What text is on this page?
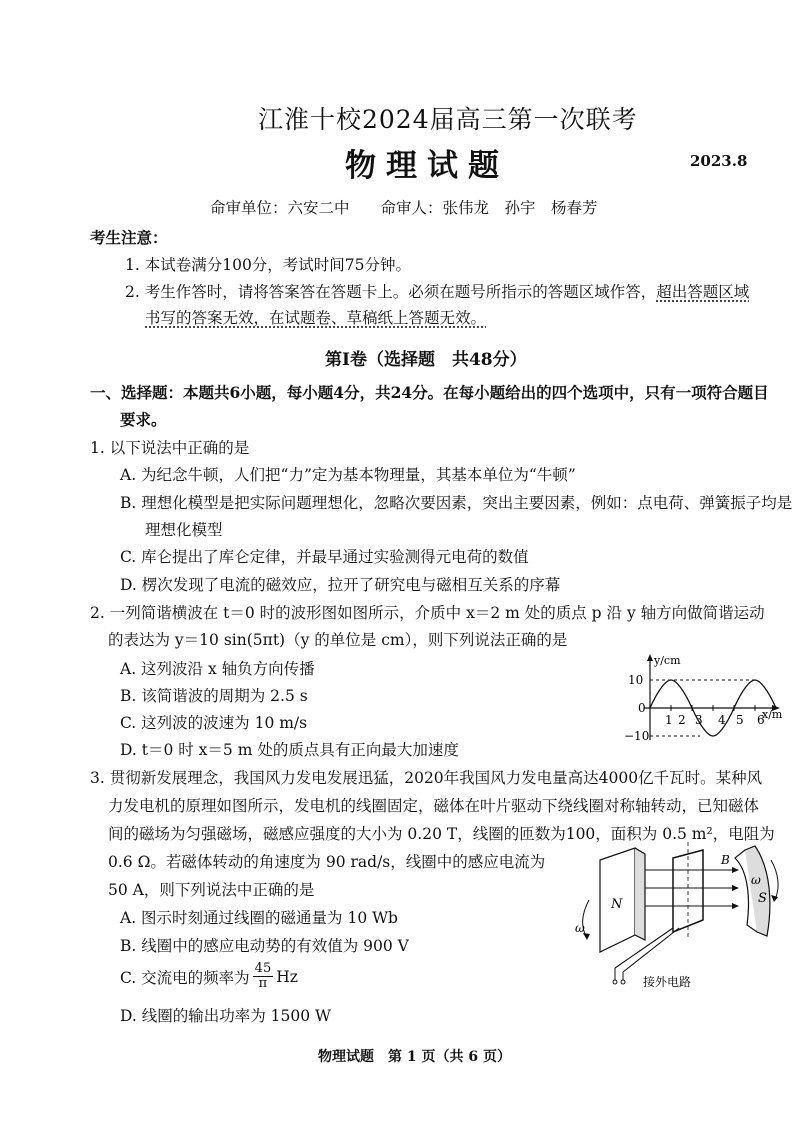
江淮十校2024届高三第一次联考
物理试题	2023.8
命审单位：六安二中　　命审人：张伟龙　孙宇　杨春芳
考生注意：
1. 本试卷满分100分，考试时间75分钟。
2. 考生作答时，请将答案答在答题卡上。必须在题号所指示的答题区域作答，超出答题区域
书写的答案无效，在试题卷、草稿纸上答题无效。
第Ⅰ卷（选择题　共48分）
一、选择题：本题共6小题，每小题4分，共24分。在每小题给出的四个选项中，只有一项符合题目
要求。
1. 以下说法中正确的是
A. 为纪念牛顿，人们把“力”定为基本物理量，其基本单位为“牛顿”
B. 理想化模型是把实际问题理想化，忽略次要因素，突出主要因素，例如：点电荷、弹簧振子均是
理想化模型
C. 库仑提出了库仑定律，并最早通过实验测得元电荷的数值
D. 楞次发现了电流的磁效应，拉开了研究电与磁相互关系的序幕
2. 一列简谐横波在 t＝0 时的波形图如图所示，介质中 x＝2 m 处的质点 p 沿 y 轴方向做简谐运动
的表达为 y＝10 sin(5πt)（y 的单位是 cm），则下列说法正确的是
A. 这列波沿 x 轴负方向传播
B. 该简谐波的周期为 2.5 s
C. 这列波的波速为 10 m/s
D. t＝0 时 x＝5 m 处的质点具有正向最大加速度
y/cm
10
−10
0
1 2 3 4 5 6
x/m
3. 贯彻新发展理念，我国风力发电发展迅猛，2020年我国风力发电量高达4000亿千瓦时。某种风
力发电机的原理如图所示，发电机的线圈固定，磁体在叶片驱动下绕线圈对称轴转动，已知磁体
间的磁场为匀强磁场，磁感应强度的大小为 0.20 T，线圈的匝数为100，面积为 0.5 m²，电阻为
0.6 Ω。若磁体转动的角速度为 90 rad/s，线圈中的感应电流为
50 A，则下列说法中正确的是
A. 图示时刻通过线圈的磁通量为 10 Wb
B. 线圈中的感应电动势的有效值为 900 V
C. 交流电的频率为 $\frac{45}{\pi}$ Hz
D. 线圈的输出功率为 1500 W
N	S
B
接外电路
ω
ω
物理试题　第 1 页（共 6 页）
